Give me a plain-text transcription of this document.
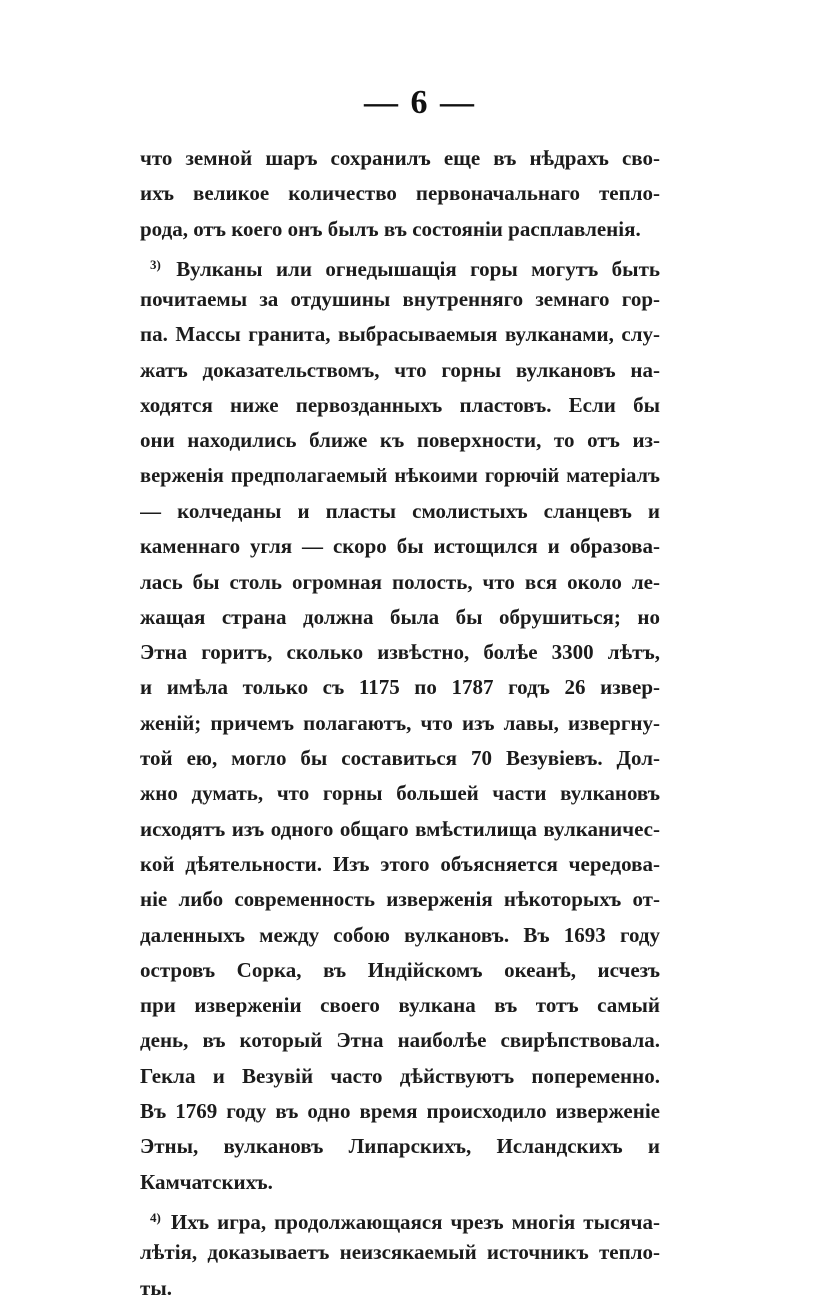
— 6 —
что земной шаръ сохранилъ еще въ нѣдрахъ сво-
ихъ великое количество первоначальнаго тепло-
рода, отъ коего онъ былъ въ состояніи расплавленія.
$^{3)}$ Вулканы или огнедышащія горы могутъ быть
почитаемы за отдушины внутренняго земнаго гор-
па. Массы гранита, выбрасываемыя вулканами, слу-
жатъ доказательствомъ, что горны вулкановъ на-
ходятся ниже первозданныхъ пластовъ. Если бы
они находились ближе къ поверхности, то отъ из-
верженія предполагаемый нѣкоими горючій матеріалъ
— колчеданы и пласты смолистыхъ сланцевъ и
каменнаго угля — скоро бы истощился и образова-
лась бы столь огромная полость, что вся около ле-
жащая страна должна была бы обрушиться; но
Этна горитъ, сколько извѣстно, болѣе 3300 лѣтъ,
и имѣла только съ 1175 по 1787 годъ 26 извер-
женій; причемъ полагаютъ, что изъ лавы, извергну-
той ею, могло бы составиться 70 Везувіевъ. Дол-
жно думать, что горны большей части вулкановъ
исходятъ изъ одного общаго вмѣстилища вулканичес-
кой дѣятельности. Изъ этого объясняется чередова-
ніе либо современность изверженія нѣкоторыхъ от-
даленныхъ между собою вулкановъ. Въ 1693 году
островъ Сорка, въ Индійскомъ океанѣ, исчезъ
при изверженіи своего вулкана въ тотъ самый
день, въ который Этна наиболѣе свирѣпствовала.
Гекла и Везувій часто дѣйствуютъ попеременно.
Въ 1769 году въ одно время происходило изверженіе
Этны, вулкановъ Липарскихъ, Исландскихъ и
Камчатскихъ.
$^{4)}$ Ихъ игра, продолжающаяся чрезъ многія тысяча-
лѣтія, доказываетъ неизсякаемый источникъ тепло-
ты.
